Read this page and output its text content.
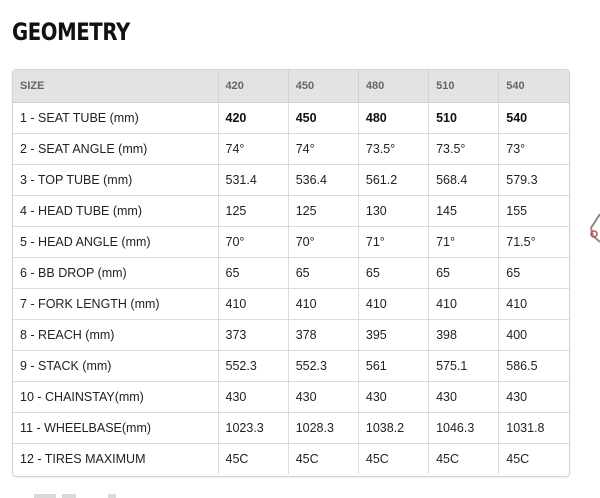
GEOMETRY
SIZE	420	450	480	510	540
1 - SEAT TUBE (mm)	420	450	480	510	540
2 - SEAT ANGLE (mm)	74°	74°	73.5°	73.5°	73°
3 - TOP TUBE (mm)	531.4	536.4	561.2	568.4	579.3
4 - HEAD TUBE (mm)	125	125	130	145	155
5 - HEAD ANGLE (mm)	70°	70°	71°	71°	71.5°
6 - BB DROP (mm)	65	65	65	65	65
7 - FORK LENGTH (mm)	410	410	410	410	410
8 - REACH (mm)	373	378	395	398	400
9 - STACK (mm)	552.3	552.3	561	575.1	586.5
10 - CHAINSTAY(mm)	430	430	430	430	430
11 - WHEELBASE(mm)	1023.3	1028.3	1038.2	1046.3	1031.8
12 - TIRES MAXIMUM	45C	45C	45C	45C	45C
